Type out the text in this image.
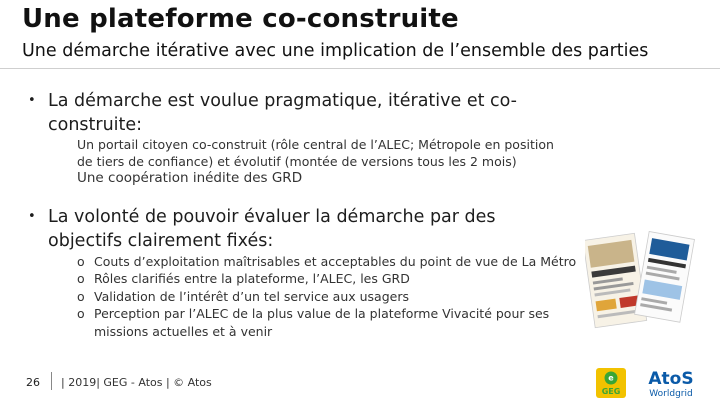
Une plateforme co-construite
Une démarche itérative avec une implication de l’ensemble des parties
• La démarche est voulue pragmatique, itérative et co-construite:

Un portail citoyen co-construit (rôle central de l’ALEC; Métropole en position

de tiers de confiance) et évolutif (montée de versions tous les 2 mois)

Une coopération inédite des GRD

• La volonté de pouvoir évaluer la démarche par des objectifs clairement fixés:
o Couts d’exploitation maîtrisables et acceptables du point de vue de La Métro
o Rôles clarifiés entre la plateforme, l’ALEC, les GRD
o Validation de l’intérêt d’un tel service aux usagers
o Perception par l’ALEC de la plus value de la plateforme Vivacité pour ses missions actuelles et à venir
26 | 2019| GEG - Atos | © Atos	e
GEG
AtoS
Worldgrid
